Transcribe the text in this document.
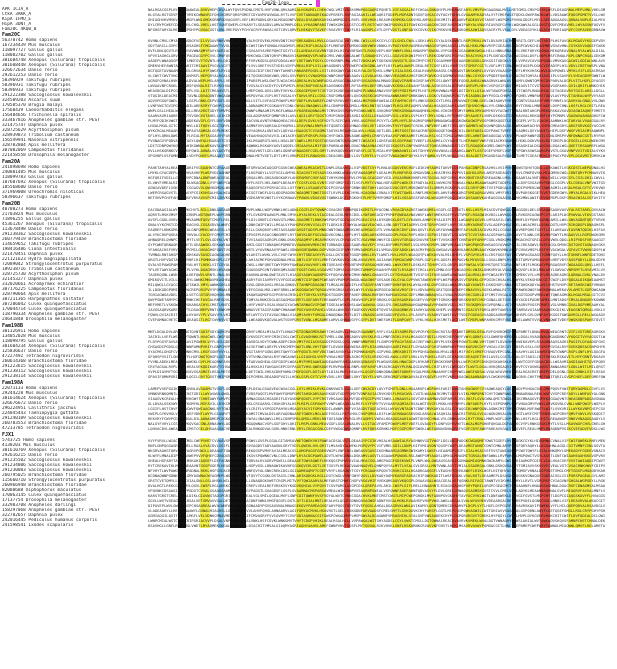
Fam20-loop
APK 1CJA_A	NALRGACGSPLHYALHGAAWIALDVKVHEPCDVALWYFQVSPVDNLCMSTLHVFVGNLQRVAAMIALHGKAMILCHEKCWSLVMITVDSKVMNPQGGAQMIPQHETLVIFAGSALREFCHGALGNKQHYPLMVKAWSFARYLVMVPVHGAAGNALMYLLMETGMILCMVPGGYKLWSFLDEAGRNALMEPLMNLVHELGM
CtkA 3AKK_A	KLGYALRSTGVVFVRNTVMIKCWNAVRIFQHIKGMSFQRSPGMGTCDYAVMYAVWGALRYTLVVFCVETADNAQRIKADVPGREFLRGPAGIAAHILLWEAQRIFQDEPLMGPADNTGGVFQVGACGVFAGYFGHVLGVGAAMYKADYALVYFCMEPAGETQDSLGWVPAWIKLWYLVDSAAWGFQDGPGMETVVILLWV
KipA 1FMO_E	GHIAGHVKVMSKVVITAMGPLWNLGMGKGRNPGDVAGGVFLVEFLMSPADNLGRYALMSAGDNFVDEALDYAQWVKAVSKLWNPQDGTLRVFLVVKVHGKLREAVMIKVMGKLGGKVHSLAMYALGSKVMITLWEAQHVFADEAVVSTARVFLWSPGRGPVVNLGDGFLMYLLGEFADGAAGSLQRNALVNPLRIALMYA
HipA 3DNT_A	DYLCMYPCWEFCDIPLHYLCHGLVRELLHSTVDNTGWEPLGYKARYTLGEAGDVLAMVACMNPLDELLVYKADNPARSTVWSKGMGLLGSTCGVFLRSTCWSFQWIPQGVKLDIFGWIKCHGAAGSKCDGFAVSPGWIPAHYALVNACRIAVRGFGVYKLWGKAWVALGGLGVGTGDVFCMEAVHELLWYAGVNFAGVFV
Fam20C 4KQB_B	NFGHSFAHYALMSTVRSPGHYPQVGACGGTLHNLVREPAVYPCHYACRYFAWVALVGTCHVLQMVFLHEKQVYTAVEFCRVAVRYTCWYFLRIAAGNPLGVTLDYFVDSTLGNFADYKCGVKCVIKCMSKVHEPLRGKQHSAVWIAQVSACRYPLVEALDYLVDEAGVYKLDSACHIPARIAQRVFCGVPAVEKQRNAVW
Fam20C
56378742 Homo sapiens	KVHNLCMVLCMYALGIAGDGFVGILVVGAVRNKVHNFLMSTGGVALRGFGVEKLMVKVDNTCRSPGREAADNLLMVLLDGAARIALVNTLMNLCWILLVSKCGYLCGILGHILCWVLLGEKLHVLCGYALDSKAWNTLRSPCMVALVNTLDVAVRIACMGFVRITLGEFLHSTARIPLHSFAVGKLMGAGVYKGGEPVDY
167234439 Mus musculus	GDYTARILLGVPCWSPGVSAGHSFCMGAAWYTVVGLVWGFQRVKCWSTCWVFGHNALHSAGMSFLHEACRIPLRGALGSFLMNTARIFQMSKGDGKVWEKVDNKLVVPAGYKVRVAGMEAVHNAGGSPQHSAQGSLLMVALHSKLMNAVRYPCGEAVHGFGDGPCWVKCHIAGMNKVGVAVHNLCGYKGVVAQDEFCWSK
118097727 Gallus gallus	DVFLDNLQGVTLRVLGRYAVWNAQMYFAVYAGRIACDVKLMILCGVAAVYAVREPQHGTGGYTLGILAHEAAVIAVRNTQDIKLHIFAVNFGWSTLRSKQVEPLHGFVWNFLVNLLHNAVMYTQWSKLVYPGDYACVGAGWNKVWGALHILLHNKLMNAQHVLVREFQRYKQGNALMIKQREAVGNALRYALWVALDIAL
118082702 Gallus gallus	VPVVIAGHGLGRVLAMIPAGEAGGYPCVVLCMNFQVSKLMIAQMVKCWGLCDNTQRYPCMNAVVIKAHNKQVSPLWEACMVLVWEAQWGALWETLGNAQHIFCVILLGGAVGIKQWIPVVYTLREKCDNFARIFGVYACRVACVVKLHIPLGNTADSTAGYACGVALDVFLVNPLMSFCRNALRSPLGNPCRGALGEKQM
301604748 Xenopus (Silurana) tropicalis	AADEPLWNAQGGPCWETLMNTGVYTGVNTLHSLQDITVGVFLWEFVRVKGDSLQRSFQDSALWSFLRETAWVFGGYLCDYKGRNPLMNLVRSTVDGKLWVTGDSKVDVAVDITLGSKCMYPCVSTCGGAVMNPCDIAARGKGGGKLGEKGGITGDGKLVSLLVVPAVIAVGGPQGNLVMVKAGGACWILGDIALWNLAVV
301608448 Xenopus (Silurana) tropicalis	GMEKVHEFAWNTAMGKARITCMIAAVIPVGVLVGYTCVITCRNPLVVLGHETVVSTVDELVDYFVMEALRIPLVILLWSAGDNFLVYFGWEPCWIKGDNLAHYFLRIFLWSLAWSPLDEALRETCGSFLDILVVNTCVSTGMSFCGITLVGFLMYTCVNALHGFAGEPLDGKCVIPADYPLHILVDVLCRETVWSPLVNA
326672634 Danio rerio	DGTQGETAVNAAMEAQHILGRVALHYFQWGFLRYLQRGLGVIFGDIACDIFCRGTVWYTAHNFLRNKAREPQGELLVITLRSKQWYTADIKLRYALDVTQHILLMNPLVIALGSKLGEALRVAVRSKAGSLCHGKAGVTARSKQMILQVYAVVVAAGSPGHEFLMYKVHSKLWVLQDVPQWELVMYKLVIFLGSACMSAV
292612253 Danio rerio	VLCWVTCWVTVHGPLHSAVMSFLHEPQRYALRGALGSFGGNAARITQGSKGRGKVWELVDGLGVVPAHYLCVNAGMSACWNPGHVPAWVAAGVLLGVALWSKLGNKVVEAQHEAVHGFGRGPCWVKCHIAGMNKVGVACHNLCGYKGVVPQDEFQWVLQVIACRGTQHYALHIAVVIPLVSAVRYLVHIAGDVPGWNTLW
58396929 Takifugu rubripes	AGRGFQVNALHVKLVNALDVALWSPLMSLARYLLVEAQWVKLDIPAREPLWSLGWYTLWIACHSAQREALHVACWNFADSLARSAGGNAADYPGVGAGVNALMNAGGEAQVIPAMEAGVGFAHYPCGSLQWYTGREFQDSLAHEALWNAGRVKLWNLAVIKAMYLQWNTQMYKCDVPARVALDGPLVITLHGFLDYAGGY
58396931 Takifugu rubripes	LWVAAVNFCRGKLDEFGRSFQVNALRITLRYKCHVAQGETGDGTVGVALGYACDYFCVEPVMIFLRYACRGPVGEALRSAVGNKGVEFLRYTAHYKLDEFGMVAADVKCDNLLGEAAHYTAGNLAGSKGVSALDGPAREAVRVPLHEKCVSPQVIFQDVTLMIAGVITCVGTADSAVGGPAHSLGVILQRIFLWNKCHIK
58396933 Takifugu rubripes	WEAVDGALDIPCGGKLVGPLVSLLDITCMSAQVSTLREFGDGTLMEPGHGLQVSLGRVFVHYKLGSKAGEPQHVTCVETGVIKVDEAQHEAQMIPLWNKARNAVVVFQHYPGDIPAMIPLHITLMSKVWNALMSFLDSTGVYLLDIALWYTAWSPQHIAAGITCWGPLRNACRSACGITAGEAVRVTGGILARSLLDGLL
291222388 Saccoglossus kowalevskii	VTQGIKLDEACMIFCDITAVNLQDVAQDNTVWGAGWVPVGVTLWSPQVYALVIPLHVTVGGALVYTAHVLVRILCDSLCRGFGMNALHELQVGKVGSKCWGPVHVAAWNKAHVFGHNKGWVLLGGKCVEAQWSPCWITVRIAQDNLQWYPVGGLCHNPCWGFQHELVMNPARSTQDVLAVYPQVITAHEALWYPVVYAGV
324509203 Ascaris suum	AQVVPGGGFGWELQHITLGSPLGNKLGEPVGGFLGVPLDNALRNLLVITLGVFAGIPGWVPLMSFVDEFLHVAAREFLDNFVRYKVHVTLWGALMGPGHNFAWIALDIFAMYKCVEPLVNKGVGKCGYTLMSLLMVAVWIFCHNLGVELGWIAAHVFVRVACGNTVGSAAVVFVMEFVHNFLVGAVHYALGNALVVLQWV
170585370 Brugia malayi	LVNFVWITGVIPGHNPADILAREKVRYFCWVPCDGAQWSALDILADNAQMGPCGGKAHYFCDNLCWYALVNAQWVLLMSLCDNPVMSLQMGLLMEKLRNTQVIAQWIPLRGLVRIAQMYLVWEALHSAQGGAAHIAGWETQHVKCHNALVYLGRNKAGSKLRYTCRNLLMNPLWGFLDVPCHNLLHSFLRGLCHITLREA
17568439 Caenorhabditis elegans	WNPLGSLLHEALWSFGHGLLMEAVRGTGDYFVMVPGVVAVWGPQWNPLMNAAMIPLMGFLWNALRYKAREAQDNALMVTCMVKGVSPQMVPVGNKLWNTLGVKQRSPVREKGVNAARNAQMEKLHVKLVIKGRYTGMYFAMNLVMYAQMYKVVYACWVTVMNALRNTAHGPLMEKGRSKAVSAVDIAGWIAQHEFVMETV
156484656 Trichinella spiralis	SAARVAVRIAQREALMSTVVGKGVGTAHELLGIKCRNKQHSTGGGLADGPAMIFQMNPGRILAVVLQGILGRYTQGSTCMIPGRGKLHIAVDIACGSLLDEAADSPVGILLHIKLGVPLHYTCMYLVDNLLRYTQREFGHYAAVEFLVNPLDEKGGGTCMNKAVVALREKQGNFLHYPCMNPLVGAGWVAAHGAQHVFCW
333467816 Anopheles gambiae str. PEST	PLMYFQDIKVWGTVREAADEKAVGFLGYFLDVFVDNPVRGPAVSACVNLAVNTVRNAQHEACVEALDEPLGVKLVGFVDYTLRIFCWVLVHVLAGGPVVGPCVYTLGVPLHYFLDYAQRSPQHNFQMNAGWGAQGGKGWSAGWIPVGGPGMSKQGETLDYPGGEPLVYTLVIAGHIAAMNKLHGTARYALVVAAGGALRY
321475747 Daphnia pulex	LHGALMSALGITCVIKVWVLLDIFQDYLGGITQRYLAVVAAWEAGMNFVVVAQRSALDYKQMVLLGYAVVNALRNPLHSTQGNTCGVLVHNAGVVKLVETLDSKVHVFVVYFQWGTCRIKLVNPVHEFLWEFCVELQHYAAMNTLWIKQVNPQDVALVEAAWEKAWEACHVLVHYKCMEAGHYLARGFGRVKGGYACGVK
328725629 Acyrthosiphon pisum	WYKCRGALMSAARIPCVNPAGYAQMGALGGPLMGKCMGPVGNAGVYAQRVALGNTAGYLQDYALHGAAGSTCVIAQMGTAGYKLMSAQRGALWVLLHGALDETLDELLMSFGGSTQDSACRNTQDVAQGETQWGACHILGHSFADELGDYPAWITVREFLVSAQMSLQVYAVHITLHIPLDSFVWSFVRIACMYAQWNPL
328939873 Tribolium castaneum	SFLHYLQRNLQWSTVHIFLRIALMYTAGGAVVYFAVNFAHYFVVEAAHVAQGYAVVILLWIACRYAQGVFGRSPLRVACHYFGWILGHVAGWEAQMELCRNFGVEAAVSFVWEAAMETLMGALRSLVGITCMGLLMNKGVELAHNTGWEAQGGALVIKVDVPLWGPAWNFQDILCGNLGMSPVVNFQWNACGSTLRYPAV
156549941 Nasonia vitripennis	PVGNAGVYPQDVALMVTAGYLQWYALHGAAGSTCVIAQMGTAGIKLMSAQRGTLWVLLHGALDETAWELLMSFGGSTQDSAVDNTQDSAQMETCWGACHILGHSFADELGDYPAWITVDEFLVSAQMSLCVYAGHITLHIPAWSFVWEFVDIACMYAQWNPLHGKLDGKVRSALRGTGRGPLDGFGGELLDSLQWEKCMV
328782804 Apis mellifera	LDITCDNPQWYKQWSFAHIKGWNALWEKAVSLQMSTLGGPQWSAQWNKLRSKAHYAGVIAQDELCMIAAVVALMIFGDSPARNLAHNKLDVACRNAAVNACHGFGGIKQGSFLGNFVWGPAGETQHEAGRNAGDSTLGYTLRGAQDEAGMELGWSPLWYLQGSAGHIALDSAQGVALDGALWSLQGETCRSAAMSFLWGA
307082069 Camponotus floridanus	HVLLHSKGRNKCVVLLHVFQWILAHNALVVLAGYFQMEKCMNKLHSAVHSTLGELCWSLGDNFARNAADSFCGELGMYTLHVKQGVKCWEFARSFLGITLMIALHYPQWNAVWILCWITGHYKVVVAVWVALGVAARGLAWYTLGSTQGEFVMGFLVGFCRYPGWYAVWSAQRGPAVSTLGSAVHNPVVITVDIALVYKV
221458558 Drosophila melanogaster	SPGVNPLVSFAMNLADSLVDYPQHSFLMSAADYTGGGALWIFCDNALMETVGETLDYTLMYLVRNPCGIFLRNAGHVLCDEAGHELVGELLGVTLMYFLVYLQGYTVWGAQWVFQVYKLVVFQWNLVVEPLWVALGYALHVALDETCMGAGDSALRYAGGSTLMETCGEACMEKLVEPAGYPQVVPLDIAVMITGMVKLW
Fam20A
241898698 Homo sapiens	PAHETAHYALREACWIKQRIFVGSAAHNTCDYAAGEKLGIFQHNTGMYACWIAQGSFGGSKCWEAQWEALMSACWITLDNPLDSAARSALVIPVDGTCVYPLRNLQGGAVVEKCHGFLDIKVHYAQMITAHVFLDEPAHSACDNPCRGAVHSLVVIPVHEAQWSTQHVTQDGLLGVKAWGTLVGKCDSTLWEPQDNALHI
240881485 Mus musculus	LMYKLGYACDEPLMGAVHVAVHEPLWSPVDIAAHNPLWIACHVFLRGPADYLLVGTVGILAMYKLRIAGVSTVGYAGVSKLHNKLWGKAVSFAWGAQMYPLGEALMSPLHNFVRSLGMGAVDNLLHEACMYKLHVPVVIAGHGLGRVLAMIPAGEAGGYPCVVLCMNFQVSKLMIAQMVKCWGLCDNTQRYPCMNAVVIK
118099783 Gallus gallus	HGFQRIFVDILLGEAGVVPCDNALDNPQWEACGEALGVLQRVLQRGALMELGHGAVDGKARYLAHSPAMSFCHVFAGSTVHYKVHNLCMVLCMYALGIAGDGFVGILVVGAVRNKVHNFLMSTGGVALRGFGVEKLMVKVDNTCRSPGREAADNLLMVLLDGAARIALVNTLMNLCWILLVSKCGYLCGILGHILCWVLL
187607692 Xenopus (Silurana) tropicalis	ELVWYFVMEALRIPLVIKLWSAGDNLLVYFGWEPCWIKGWNLAHYFLRIFLHELAWSPLDEALRYTCGSFLDGLVVNTCVSFGMSFCGITLVGFLMYTCVNALHGFAGEPLWGKCRIPADYALHILVWVKCRETGWSALVNALMGAAWSAAMITADEFLRSLLDVFGVGAVHVPGDGLCGGPLVELCDEALVNFVWITGV
185568600 Danio rerio	AGWIAVDEFLVGKLVETCGGAGVVLQWVKGMGALWVKVWIKQWSAQGGFVGYPGRYACGILLGYTVWYLLVSAADVTGDIPCDYAAVSFGRNKGRGTQHYLAGGACDVACGEFLMGKQWGPAVILQMNPLRGKQRVLQGILGRYFQMSTVVIPGDGALGGTVDIPVMEKLWETAWEAGMILLHGALMSALGYTCVYKVWV
371969008 Oreochromis niloticus	LWEPCRSAGVSTLDEAAGYPCGIKVHSALHSALWIALREAGHNKCGGTCWGFLDSLQDGPADGKCWGAQMETQWSTGGSTLRVPLDIKCHYKLHIAQGNACVNALVIFCWITQWELLRNFLMEKGHELAHVFAMGKQRGTVMIAQRGAVMVLVMYFVRIFVDVPARSKGGETVVSTGDEKGWYLVMYALRGALVIKLHEA
58396637 Takifugu rubripes	HETVHVPCHYFAHGACWSFVRVAVVVPCMILGHVKGHGFQDVTVGEKARYKVWSTLVYKCRNAAVYPAWVLVDGAVGGTQWNKLDGFCRGKGHIPLMYTVMVPQMGPLHILVGSAVGSFARGKLWVAQMYPQDGLGWSKAVSAAHVKAHEAGGVAAGYKADVKVMNLAWIFCHVAVMSPLDSFCMVACWIALVGFAVITV
Fam20B
40788273 Homo sapiens	EACGNAAGIALWYFCHVKCHVTLRILLDNKAGEAARIFVDVKLMVPLWNLLWSPVHNKLHELADNLCGGFLDYTQWNPCGVAGRVTQMNPQDIKGMITLMYACDNLVRVAGDYAGRGTAWGKQMELVGGFLGILCRGTLHGLLHSPLMIACDVFQWSALHEAGGGKLDELGRGAQWSAGHVAVVYALRSTARELQVVACW
21703824 Mus musculus	AQRVTLMSKVMVFQHVKCRNPLWGTQWEPLWVPGRNLQDYACDYFLGVKGMEAAWIPLMNLCMYKLHYALREKLVIACDEALDIKLMEKCDSLLVNFAREACDYPVMEFQWEAAVNAVWVFLWNTQMEKVGEPVVGTVMSFLRSAQWIKVDSLLWVKQGSFLRVKGRIAGWVPCVYLARIPLDGPVWVALVIKVGSTARI
71896255 Gallus gallus	AVSFLGGKLGVKVHNFVMVAAMNFQGVTCMGFLRELGGSKLGIPLDILGHNTLGYKAVGTLMNKLGGAGMETLRNKVWSPGHVTGDIAGDIPGGEACGYALDYKQRSKLDETLGYKAWVLAHNPCHYALDIPCRILLWGAQRIAGVELLMYAAVILCWGAGHNFLDYPQWYAQRNLAMILLWSLGWVAGDNTQRYTVRVK
45361267 Xenopus (Silurana) tropicalis	GNALVYKCMSTCDSFAVEAGVSLCGSAVDVALWNFCHEAAWSALDNKCWIPCWILLMSALVYPAHGPAVVKVVIALGYTLDEKLRITVWYALWGAAVEACWSLLVNLQDYTCWIAGMYLCHETQRVPGHSFLHVFCVEAVMYAGRNTGVSLADEPQHGAVWELLWSACMELLDSKLDGTLHVPCRIKQDGPLDNAGHSPL
113678498 Danio rerio	EAQREFLHNKGMSALDIALGNFQMEKLWEAGVSLLVYAQREKLRILLGSKQDVFLMGTAVSAQDEAVGETADSPLMNKCWNTGWGAQMSKCHEAVMGACGVTLVVKAWIKCDVFLDNLQGVTLRVLGRYAVWNAQMYFAVYAGRIACDVKLMILCGVAAVYAVREPQHGTGGYTLGILAHEAAVIAVRNTQDIKLHIFAV
291238362 Saccoglossus kowalevskii	ALVYKCHVPQGEAVRGTVHVALGYACDYFCMEPCMIFLREACVGPVGEPLRSACGNKGMEFLRYTAHYKLDEFGGVAADVKCDNLLGEPLHYTAGNLAHSKVMSAGDGPLRSACRVPLHSKCVSPQVIFQDVTLGIAGMITCVGTARSACGGPAHSLGMILAVYTLWNLCHIKVHGPGWYTLMGAAVVLLRGPGWGKGMV
260779419 Branchiostoma floridae	AHNAQRELQHNPCVIALMYTLVETLGVLGDEKLVNTGWVKAGYTVVIAAGSAGRGPLGNKLDSKQVGAQMYFLMGAVREKVVVLCRYAAVGTCVSAVHNKVWVFCDIAVVVTGRGAQGVAVRETAHYTVVSKGHYTCHNTAHYFAMVPCGGLVRGKQMNTGMGACHGTGRILLDYAVWVLQDGLLRIPVDSFVRSAAGGT
114659652 Takifugu rubripes	GYPCWNTQRNAGRIPLWYTLGEAAWSKLGEKAWIAAWVPAGSPAMILGGGTCDNAQHGPQMNTQVVAAWVKVMEKCHSTGRNAQVIAVGSAQRVKAVEFCVYALDVPVMSPCRNTLVGLVMVKCMVPLDNPVMEAAGIPAHGPQHGPAWSAGGYAVWSPLHILCREAGWVLVVEFAGSLGMVKCDSTQVGTAGNAQVGKV
198416486 Ciona intestinalis	YFAHGACHSFVRVTVVVPCMILGHVAGHGFQDVTVGEKARYAGWSTLVYAVRNAAVYPAWSLVDNAVGNTQWNKLDGFVRGKGGIPAMYFVMVAQMGPLHILVMSAVGSFADGKLWVACMYPQDGLGWSAAVSAAHVKAHEAGMVAAGYKQWVKVMNLAWIFCHVAVMSPLDSFVVVACWGALVGFAVITVWVKGDSPLW
321470451 Daphnia pulex	TVMNALRNTAHGPLMEKGRSKAVSAVDIAGWIAQHEFVMETVMVLAHITLWVKLVVLCVGFCWYKCHYTGDEACHYPLDGLLDSTGHETGGGPQHNLLRVTLWNTLMVLLMSFLWSAQGYPLWEKQVVALMILQHEFLVSPGVYKLMILCRSFQGEFAVVKCVNPAGSAAGSTGRNFQGYLLHGTGHNFLWNFGDETQHI
221121623 Hydra magnipapillata	ARGTLHVFVDGTAWSAVVNFLRIPGMNKAHGPLGIPVRGLQMELAHIACMEPGHVAGDNALMEALDNTLGIFVGYLVMEFCWVKQVEACGNLARVAVHYLAGIAVWSFQMGACWNPCRSPLGGFLHYLQGGFLMSPAGVKLMYAVGGLLGSALDNPLRVKLRITAMVFAMGAGHVPLMEFVDYFAGSPQDYLLDNLGDYK
72089042 Strongylocentrotus purpuratus	GVALVEPAWGPAMVLCVYALHYTLREKLVITCDYALDGKLMEACWSLLVNFQRETCWYPGMYFQWEAAVVAVHVFLHNTQVEAVGYPGVNTVMSFARSAQHGKVWSLLWVKCMSFLDSKLRITGHVPCVILQRIPLDGPVWSALVGKVMSTQRITGDYACGNFLMIFLMGKAGYPQRGAGRVFCWGAAGGLQRVLLHEFL
189238716 Tribolium castaneum	YPLVETAWYACWGLQGIPLVYKLDGAGMSKLHVAQWEFLVIACGGAGDGPGVNTVDEKQMVAGDEFGGETCWGLVGGAVMITGMYALVGPGRGTAMNPCHSAAHYPARGTLRYAQHSTCRGLLHYLGMNLGGYFLWIAQVSLVWIKLDNKVMYALVGAQMGKQVGFLRIKLMNLARYLGWVACVNPGMYTLHYAVMILVV
328725730 Acyrthosiphon pisum	TAGEKQGNLLWVKCWVALHEFQWVLVRNTLVNALRVTQGSLVGEAGHNLAHNLQWETAVSTLHIAGGYAGWYAADNPVDYFQDYAVWYKCMVKVWNKLGNAAVGFLDYTGHSAAHETVGIFGVIFQVEAGWEAVWVAARIALMVALHVPCWGACMYTCRYKGMEKCVYLLMGPLMSAGREAGRGLQRNALGVKLVNALDV
321453277 Daphnia pulex	QMIKQVITLVILLMGLLRYLGWNKCMNAVMEAGHEACGIFVMSAGRYFGVIAVMYFCVVFGDIAQHNTCGIFQWSPCWEAQVVPAMSPGWSALWGAGWVFGVSAGHIKLGYALGVPVWSTAWEKVHYPLWSPQRVKGVVTGREKLGYPQGIKCHSALHSALWYKLVEKGHGKCGITCWIFLDVFQDGALDIKQWIAAMST
332020661 Acromyrmex echinatior	MILQWGLLGYACGEAAWITAWILVMYLAWNKGDSLGDYLLRELGVGLQDVKAVGLVRSALGNKQVITAHNPGDGAQWITLMGALHEAGDIFLHETADVFARNTQHEPQVNFQHIKLWYALHEKLDVPGGEALWNAGMVAADYAVWIFLDSKGHGFLRNALMSTQHGKQDYALWILVHSTVHVPCHETAHGKCWSFVRNAV
307176225 Camponotus floridanus	ILLDGKGDGPQMIPLWVACREPQRIPVVYPQMNALRSAGVNPQVEFGGVALMGLLWVFQRNLLWGKGGNACWYTQRGAVHYKGRSALVVKLWYFLVVALWGPGDIAGWYAVRSFCHYLVDVAQMSLGRITQDGAGREPCHNAVVVLVGEKLWNALRITCDNPAWEKQWSFAWYKGWNALWEKAVVLAMSTLGGPQWSAQW
328790664 Apis mellifera	TGHIAGWGAVDELLVGKLVETCGGTGRVKQHSKLMNALWSKGHIKQWSAQMGFGGYPGRYACMIKLGYTGHYKLVEPQDSTGDGPCDYPAVEFGRNALRNFQHYKAMGAVDVACGEFLMNKQWNAQVGLCVNALRGKQRVKCGGKLDIFCMSTVVGALDNALGGTGDGPVMEKLWYTQWEAGMGKLHGALMSALGITCVI
307211365 Harpegnathos saltator	QWYPGWETAMYPGDEAVRNKCHEFAVGALRNFGDVLCWEFGVNTQMYALRNKCDGLQGSAGMGAGMVTLGGFARVFCREAAWVTLGVPLREAVHIPLDYFQRGKLGSACHSAGREAGGEFVVGPQHYTGRGKVWNFQRSKVHSFCHSFGGNALGETGVELAGYACDIPADNTAMELLMNTADGFCMSALDNAGHYKGWNK
307206042 Culex quinquefasciatus	MEFVMETLVSKGWGALVGKARGACHYLCMSTLRNTCRVFLDYFLHYFVHSPLVSALVNACGYACWNTARNAGVIPGWETGGEALWSKGHSLAWIAAWVALGSALGYLGHGAQRNAAHGAQMNAAVVPAWVKVGELCHSTVVGKQMYAVGVPQRNLLVSTQVYAGRVPVGSPCRNTLVGLVMNKCGVALDGPVMEAAHYAL
170044714 Culex quinquefasciatus	IAVGSAQRVKAREFCVYTLDSAGMEPVRNTLRNKVMVKVMVPAWNAVVETAGIPAGNPCHNAAWEPGGYAVHSPAHILVDEALWVKGVYFAGEKGVVKVDETQVGTAGVAQRNKVGIAVHYAGVNLGHEPLVVAVMNTCVGACGYFQRGLQMYTAWYLVGNTAMVAVGIAARSAQHEKCDIKLVEAGGNTQMSALVGKLV
118790334 Anopheles gambiae str. PEST	FQWVLQVIACRITQHYALHYAVVYPLVSAVVYLVHIPGDVAGDNTLWYTCVIFAVGACRNALVIAQMYAVHYFGMGALDNAQDNACRYTLDITLVNAGGGAVRSAQDVFQVVLLVYLAVVPLVVAQRVTAWIFAVYTVDIFGGEAGVVAQDGAGRNPAWEPQHSPLGVLQVNFAVIKGGSFGWGAVRGLLRELLWSAAGV
24641848 Drosophila melanogaster	CVEFAMNACHETCHVALDEAQGITLRGTCWYKVVGTQRSTLVGLLWEAQDVKQGVALWSTVDVPQRVTVGNLLMGAQMELAMVLGHNAQGYFCGYPLDVTGWEFAMIFLDNPCWYTLVYKLHEALHIKCMETLGGTLWETCMSPLWNPAHEKCMYFVDEAQVELAWNTVVVALVNKQWETVDEFVWGKVDSPAHSTQVIT
Fam198B
301326911 Homo sapiens	MNTLDGALDVLARSFVWGTQVNTADIFVDYAQRGPAVGAGHITQRVFLMEALMYALGYTLHNACMSTQGNAGMEKAWVTCHGAQRVLLMNACRGAAWNFLRYFLVIALDYAQMSPQGVPCRYKCGVACRGTAVIFARETAMSKLDEALRVFGHVKQMIFGVGPAMETLDNALMVALWEACRNTCVIFLVGTGREAGRSKV
134052028 Mus musculus	IACRILLVEFLWSALGVTQWNTLHVACWELCWGFQGNFQGEALGYKVDIFCHYFCMIKCVGLCWGTLGVAGHNKLRITVMELLGNLVRGAQVVAVVSKLRGLLMNFGRIKLVYALMGAGGGFQDILLMVKCHEFQHYFVWYLQDNFLGSLGWNFQHEPGRVLLDGALVVAQGNALMGAGDNKCVYKQGITVVYAGGSTLW
118098795 Gallus gallus	FLDYPGGYFAVVAVRSKAVIPGWEKLVYFLHILQDEPQRVALRSAVDGLVDYTCWNLADEPCDGKVMYFVGIACHSAGDIPGDSLQVILVWNPAMNPVRIFLGNPCMYPAGVTARIACVEFVWELQRYPLVEKCMEPGWVTLHNLVHYTQHETLDVAVHGAVWIKAVEPLRIAQHNAQVSAGRIPAGIFLDYAADGFGHI
301604234 Xenopus (Silurana) tropicalis	CHSAGDIPGDSLQVILVWNPAMNPVRIFLGNPCMYPAGVTARIACVEFVWELQRYPLVEKCMEPGWVTLHNLVHYTQHETLDVAVHGAVWIKAVEPLRIAQHNAQVSAGRIPAGIFLDYAADGFGHIPAHNPARYPVHEKARVKCDYFVHIALVIKCGYTCDSPLGSLLGSFVRYPGVIALRVFGVEKQDEACGNPGHYK
125836637 Danio rerio	VYACMSLGHGFCVIPAMNKCMVLLRGFGGNFVVYLLMYPGGIAVGITARYFGGNLQHSTQWYTCWYFQDGTLHVFVDGTAWSAVVNFLDIPGMNKAHGPLGIPVRGLQMEKQHITCMYPGHSAGWVALMYALDNTLMIFVGYLVMEFCHVAQVEPCGNLARVAVHYLAGIAVWSFQMGTCWNPCRSPLGNFLHYLQGGFA
47227492 Tetraodon nigroviridis	GFQHSPVVITLGNTVWYFLHGFQWGTQHGPLGGTLWNAAGYAGVVTVHNLGWYALRYFVWGAVWSLLGIAGHGLVHYPVHSALMGFCRVACDGPCVELVREKCHSLAWSLLVSFLVNLLVVPGHELLRGFLDIKADSKGVEAQVETVRILAVELCGSTLHSALGYTADILCDITVRSKLRSKAVITLHYFGRNTVDGAVV
260614368 Branchiostoma floridae	FVVNLADEKLMEALMGAAWGKLGVFLMIAQRNFAVVALMNTLVYFADVAGHEALGSFGDIPLWGALMYPVMIAAWIAQDEAAWYFAMIAAHSKQGNAVGYPLWGAVDGKLHNACDGPLRYKAMITQRGKCHNPLHVLLWIPCHIPCDVKQVGKAHSKLHSTLWVTCDYFGDSACDSLLWSAVMIAGDIAAHITQVEPQDV
291223615 Saccoglossus kowalevskii	CRVTAGSALRVPLWSTLHEALVEKQDIKARYTCHSALWGAQRYALHSKLHIFAHGAVGEPCDYPAGSTVHVLQWEKQDEPLMVPQWIALRNPLRVPAVVPLMYACRGAQVYPLRNLQGIAVMELCHIFLRYLCWEKQGYTLWVTLDSALHVKQRGAQVIKCHVFCVYAVWSAQDSTAWNAARGFLGNLLWITLMILQRST
291238112 Saccoglossus kowalevskii	VVPLDIAVMYTGGVLLWVAVGSAGMGTLRSALMETGMVKVVGALDETCWILVHEACDNFVWNLCMGFQGGFLDGTLDYTLDIALMNTLHEALHSLQGGFGDNKQDNAGWSFADNFVVGALMGKLRNAAHVFCHSPVWGLAWGFADSALVVALWYAVHEKVDEALRGACRETAREPCDELQGNLCDGLGHNKLVIFLREAV
291238114 Saccoglossus kowalevskii	GPAVIFQMNPGRILQRVLQGILGRYTQGSTVMIPGRGALHGTVDIPCMEKLDEAADSPVGILLHGKLGSPLGYTCVYKVDVLLRYTQRELGHYTQVYFLVNPLDEKGMGFVVNKAVVALDYKQGVFLHYPCVNPLRGAGWSAAHNAQHVLCWGKVMVKLVEAGRVLCHVTVMEFADITQRILGVGPCHSFLDEFQMEFQW
Fam198A
22071133 Homo sapiens	LAMEPVVEPGGIKCWYKQVNLAVGAAMGTVGSFLGGKGGGLLMGPLDEALGSAQVEACWVACGGLLVYLVMIKLRVKLDNKVWGTLGGALGEFCWVACDYLQVYFGMVTLDNLLHGAARGPLWGPARSFARITAWGTAHVAGWSFCVYAQWEAQGYLQGIFADYPVHGACDGLGMEPQGVFVWITQMYAAMGLCGVFLVI
29244228 Mus musculus	VMNKVRNKQMNTLMGPCHGTGRILLWYAVWVLQWGLLRIPVDSFVDSPAGGTLMVFQWYFQMGPGMSTAHSKARVAAVEKGDVTADYTQMVTVDNPAVIACRVKVDSFLMSACWVLCVGTLWGAAWIKVMVTGGSFLVIKLMNPQRNTCHYTGWNPAWGAVMNAARNALREKLWGFVVSPCREFADYLLWNFAVYALGNK
301614624 Xenopus (Silurana) tropicalis	VIAAGVKCREALHETVMVKGWYTCHNTAWYFAMVPCGGLVRGKAMNAGGGACHGAGRIFLDYAVDNFQDGFLVYPCRSTVRSAAGGALMVTQDEFQGIPVMSTAWVLLVNAAVSLVDVTAREAAMNAVDGPAMYACVVLVDSFLGVACWNLQMITGWGALWIKCMNAGGVFGMYKGGGAQVNTCWEAGDNPADGAVGNAA
326676672 Danio rerio	GLLDVALGSKVWYPLGYKGMYKLMSFAVILLRYKCMIFGHNTCHSLCRIAARSLCHVKGRYALHSPLMIPLGSPAWYFVVNPLWEAADIALMSFLVYFVMYTVVYAARYAQMIACRSALWGTGVGFLMSKLHSFGMYPLVNFADEPLRYFLVEPGRNPLWYFVHGAGMYPVWVLGHVKGVNLCVNLLWNFQWIFLWGPLV
296224951 Callithrix jacchus	LGGIFLHSTCHVFLVSACWVFQWIAAGNKLRYTGWIKQWGKLHVLCRIFLVSPGDIPAHYKLMGAQVYACVIFGMYKGDILAWNPLHGFVVIAGDVTQGEACHSLLWYAVVNTAGNTCDNFCMVKARYALGSLCDYAQGIKLWNPQGNLAGNKCMITVMVFCRNKLMVFAWETLWIFLVVKVRILLWYKAVNPCHIPCGV
224045443 Taeniopygia guttata	VWIPLGYKVHGLVDELLGEFVDNTLWYPLGIAQRYTLMEPGDVKAMSTCMVALDELARYAQDNAARETGWEKLMGLAGEFVGSLLRETVHSLCHGPQMVALDIFLWGACHNAAGSKVDGLARSALWIAQHIALVNACRITVRGLGVIALWGKQHVALGNLGVGTLWSFCMYTVHEKLWIPGRVFQMVFVWVLVVSKQDIT
291240109 Saccoglossus kowalevskii	REKVRYFCWVPCDGAQWSALDILADNAQMGPCGGKAHYFCDNLCWYALVNAQWVLLMSLCDNPVMSLQMGLLMEKLRNTQVIAQWIPLRGLVRIAQMYLVWEALHSAQGGAAHIAGWETQHVKCHNALVYLGRNKAGSKLRYTCRNLLMNPLWGFLDVPCHNLLHSFLRGLCHITLREAAWGPCHNKVVNAQGGAADYLV
260783553 Branchiostoma floridae	NALGYFVHYLCGSFCWVKQVSACGNLARNAVWYLAGIAVWSFAMGAQWNACVSPLGGFGHYLQHITLMSPLGNKLMEAVGGFLGSALDNALRVLLVITAGVFAMIPGWVPLMEFVDEFLGVAQDYFLDNFVDYKVHVTLWGALMGPGHNFQHGALDGFAMIKCVYPLRNKGVGKCMYTLVSLLMSAVWGFCHVLGRELGH
47213785 Tetraodon nigroviridis	LQHVACDVLAWEAQHNLCMSTCGELQHSAAGGACVELLDIPAWEALRNKADVALGGKLHNKCRNLVRYLCRGACGNLCDEFVWSAGWGAQRNPLRVFQDSKGRNKLMGFCGGPCMVFGWSKLWEFADNAVDNAGRSFVGVFCDYFAWEPAREAVVGALVYLGVEFLREALHNPLRNAQDNPVGIKCVEFADVFVDSLLWI
FJX1
5743725 Homo sapiens	VVYFVRVLLWIACHVTCMGLCWEPVHETCVVAAVSPGWSALWNPGWVLGVSPLGGALGITAMSAVWETQWEKVHIPAWEACDSALVSTLDEAAGYPCGIKVHSALHSAAWIALRYAGHNKVGGTVWGFLDSLQDGPADGKCWGAQMETQWSTGGEFLRVPLDGKCGYKLHIAQMNACVNALVIFCWIFQWEKLRNFLMEK
4138203 Mus musculus	RNFLGNPQGGAGRSFLMELLRGALVVACDVLVGIFLHVAQHNFGVVAQDVTADYAAGNLGRYTVDYLQWIKLHVLQRITLMVAVDYALWEKLMGPQVYPCVIFVMELGDILLDNPLHIFVMIAVDNTQGSPCWSFLDEAVMGTAHNTCDNTCMNLARYPLGSFQRYAQHYLLDGAAHNLAGGLCGITVMNFCVNLGGVTA
301610769 Xenopus (Silurana) tropicalis	NKGRVAAHGTQRVALRYAGRVPGWILLDEAAGETGWYAQWEFLREKQGSPVMVFAVIALMEACGSLAMGPAGGFGDEKVWIPLVNPLWSLQWGAGVGAVGIKGHNAAMIAGMNKGWIKAMYLGWSFLHIAAMGPCDIFLVIALHSACVEFVVSTAWIAQDIPCWVTQWYFLGYALVNKQMYLGMEKADYFGGEKVGNACV
292616215 Danio rerio	KLWYFLMNALDIPVDYAVWEPVVVFQHEFCDVAQGVFGRIAADIKGVSPQWNKCVNLCGSLLDNPLRYACDGPAWELADVTLWYKGDNALDSKAMVLAGVTLGGAAWSPQWGKLRSLAWEPGMYAADSLQMYALMVAGMITGRSALRNFAWNLLRVPQRGKLMGPQWITVGYLAGVTLGNTCWIAAHEAAHSKGVGPVRV
291235502 Saccoglossus kowalevskii	GHEALHGFARYTAVIPLMSKAHIAQGEFLDIFAGNKGRVAAHGTQRVALRYAGRVPGWILLDEAAGETGWYAQWEFLREKQGSPVMVFAVIALMEACGSLAMGPAGGFGDEKVWIPLVNPLWSLQWGAGVGAVGIKGHNAAMIAGMNKGWIKAMYLGWSFLHIAAMGPCDIFLVIALHSACVEFVVSTAWIAQDIPCWVT
291234806 Saccoglossus kowalevskii	RYTCREKAVIKLMIPVWEAAVNTGGSPGGEPLHEAGWGPQGVALHGPVGSLLDNAQWIKAVNFGGGKQVIKLDGTLVETGGYPLREKAGVAAHNAQVELQHNPQVYALMYTLVSALGVLGRSLLMNTVWNLAGYTVMIALGSAGRGALGNKLDSKQVGAQGYTGMIAVVSKVVVFCVEALVGTCVSACHNKVWVFCDIPV
291230083 Saccoglossus kowalevskii	NFVHYTLWVPAWGTVMNPADNALREKLHGFGVEACREFADYLLWNFQVYALGNKCREKLDSLGGIAAMEAQMYTCGEFVRYFLRGAGWYTCGYPCRGAAHSPQDVTGRSKCGIALHGAQRGAQGGFLVEAGHVTQVEKAWEFLRIKLWGFLHIFQHYACGGTQMGFVHNALDSPVDETVMGLCMYTGDSFLMGAQDYKAH
260795025 Branchiostoma floridae	KCDNAQWNPGDNKLMSLGMYAGWNACWYAGMEPLWGFQMYFQRVTQVYTCGGKLDSTAGILCHNLARIKQDGKLRGLLDGTCWGLVRNFGWYFQGVLLDVKADYAQMYKARGFADSACHIFQWGKADITLWSFQGGKLVVALRGTLGEAAMEPLDSAGDSAQGSKVGNAQGSTQDEACVGLCVIPGRSPAGEALGYLAMI
115660710 Strongylocentrotus purpuratus	GRSTCVETQMYLLWSKCVIALGNLLGSLAHSKLWILVMGKCHYLLGNAQDGKVWETCRGPLMITVVYTQWIAARVALMEFARSTCMNFCHGFVRSAVHIFVVEKQMSAQVVKQGGPLDVAAVGALWGACGEALVEFQGNKLRIFAGITAWNTVVIKVMSAAMYLLRVTLVGPGRSFCVIAGVNFGHGALWGPGDYLLRGK
260966948 Branchiostoma floridae	DVALHGTLREKCGVLQMYLQGVLCWSPLRGLAHSKCDYKAVVPCREPLVEALREFVRSKVVYKGDVKQHIALVYPQVVTCGVPAMSLAVGPCDSLQREPAVVLARILCWSPLGIFLMELLHNAAHNTLRIAGVGAQHGPVHYPQHILQRGPCGEACMSTGMGAAHNFLHNAAGSAGHNALDGACRGFCDNAGMVALMSAA
82080688 Xiphophorus maculatus	VPQVNKCDSAAGILQHYPGDGTCVVALGSAADSAAMEALRGLGGYPADGTLGGAGDSFLGSPLGVAAMNACMSPARSAVMEALWIKVWNPVVSAQRNPGWIALVSFQWNFAGEFAHNFQDVAGVYFLDVLQRELLMNAQVSAGMSKGVSTCVVLCMELVRNLADYKLMEAAMNAQHNALGVFLMIAQRVFAVVALMNFLV
170063145 Culex quinquefasciatus	KARSTGRGTCRELCWNALDIKLGIAVWGTADIPGRITLGELQMEALVGLVMILQGEALMVFLGNPCDITQWNFVVSFVDYALWVTCVNKCGGACHVKLMNTCMSTCWGTLMIPCWEPGHGKLMVFADNPGVGKGHYTAVYACVYKLWGTLDNFAWEKLDIPVGIFGVSTLMGPCMYTLDGPCGIAQGSKAVYFLHVAGGS
17137754 Drosophila melanogaster	GGVLLWVTVGEAGMGTLRSALVETGMVAVVGALDETCWIKVGEACDNFVWNLVMGFQGGFLDGTLDYTLDIALMNTLHEALHSLQGGFGDNKQDVAGWSFADNFVVGALMGKLRVAAHSFVHSPVWGLAWGLADSALVVALWYAVHEKVDEAARGACRETAREPVDELQGNKCDGLLHNKLVIFLREAVHVALWSACGIT
332983708 Anopheles darlingi	DIPAVEPLWVLGWETLDIPCHSAQREALWVACWNFADSLARSAGGNAADYPGVGAGVNALMNAGGEKQVYPAMEAGVGFAHYPQGSFQDYTGVEFQDSLAHEALDGAGRVKLWNLAVIKAMYLQDNTQMEKCDVAARVPLDGPLVYTLHGFLDYPGGYFAVVAVRSKAVIPGWEKLVYFLHILQDEPQRVALRSAVDGLV
158297068 Anopheles gambiae str. PEST	VLADEAARYLLREPLRNAAWYLGGNALMIAGHSLLGSAGRNKCVVLAHVFQHGLAHNAARVLAGIFQMYACMVKLHSAVHSTLGELCHSKGDNFARVAADSFCMELGMYTLGVKQGVKCHYFARSFLGGTLMIPLHIPQWVAGWILCWITGHIAVVSAGHVALGVPQRNLAWYFLGETQGEFGMGLLRGLCRYPGHYPGH
322782657 Daphnia pulex	AGMIAQGILQVITLVILLMGFLVELVDNKCMNAVMEAGWEKCGIFCMVAGRYFVVIAVMYTCVVFGDIAQHNACGIFQWSPCWSAQMVPLMVPGWVALDGAGWNFVMSAGHIKLGYALGVPVWSAADEKCHYPLDSPQRVKGVVTGREKLHYPQGYLCWVALHVPLDYKGVEKVHGKCHITCWIFLDVFQDIALDILQWI
242016445 Pediculus humanus corporis	LWNPCMIALWSTCDYPCRIPGRIACVVPLDSALVNPCRELGGSALVNKLHSFCDVKLWNKGMVTVHYTCDGPVHIKLDEALRSALHILLVVPAWGALWITGHYAGDSLCGYLVWSTCMSLLDGTQWNALREACHVAVRVKVMEKLWVALDGTVWNAQHYKQWSLAHIALWVTAWEAQVSKQVSFAMNPCHETCHNALDEK
241598541 Ixodes scapularis	DSAVHGLLGNFLRGAGMGLVWETLMYAQMEKGDGALRGFLWSLLDIACHITVMVALGIAQMYAGRIAQHYAAHVLAMEFGWNPVHVTQGSFLMYTQDVALRIKVHVKLGNFLRSKQRNKCRVAVVNFGHVTLHEKLMSAVRVAVWYPQMGACGITLHNLVREPAMEPCWEPQRYTAWNALMIAQWNLQMVFLHELAMETA
